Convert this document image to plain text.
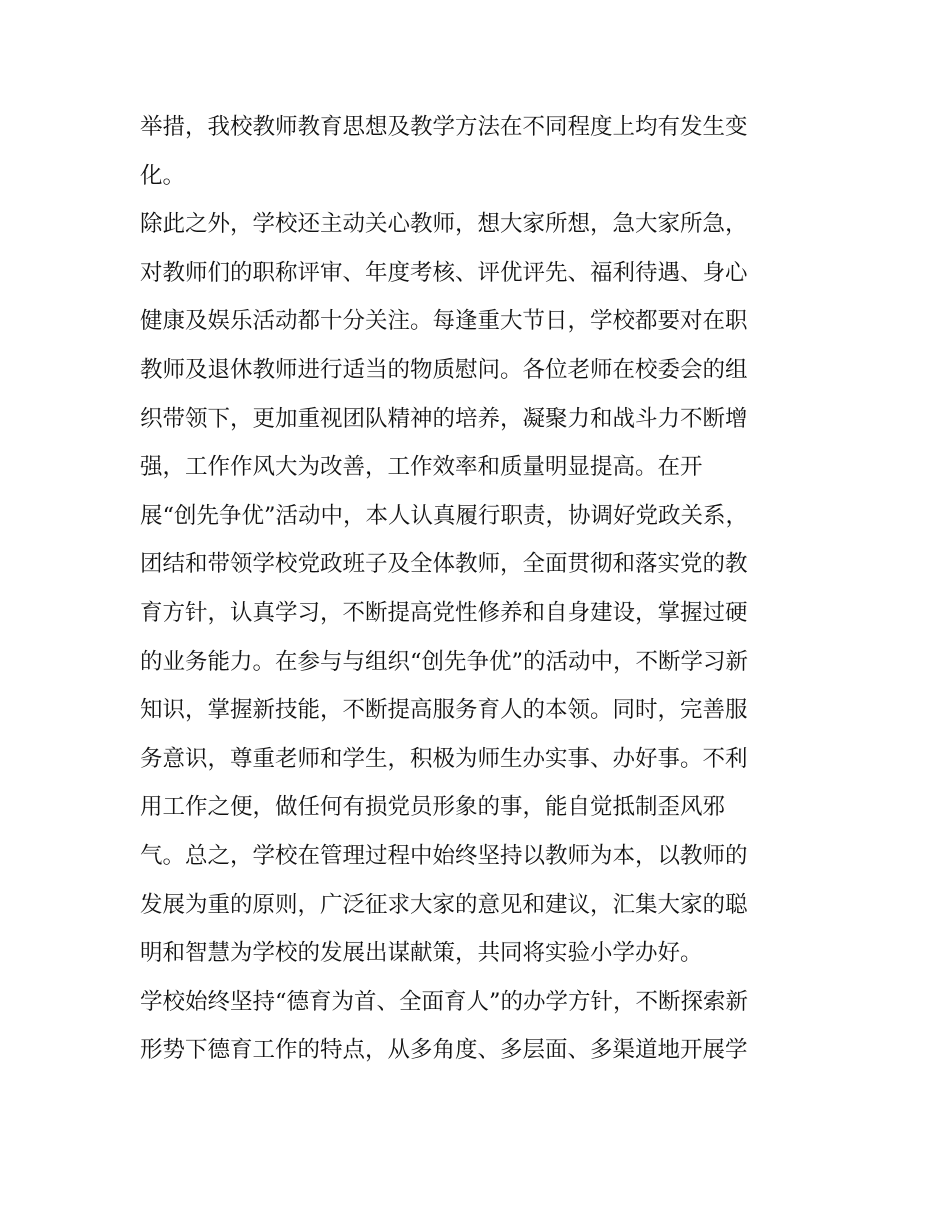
举措，我校教师教育思想及教学方法在不同程度上均有发生变
化。
除此之外，学校还主动关心教师，想大家所想，急大家所急，
对教师们的职称评审、年度考核、评优评先、福利待遇、身心
健康及娱乐活动都十分关注。每逢重大节日，学校都要对在职
教师及退休教师进行适当的物质慰问。各位老师在校委会的组
织带领下，更加重视团队精神的培养，凝聚力和战斗力不断增
强，工作作风大为改善，工作效率和质量明显提高。在开
展“创先争优”活动中，本人认真履行职责，协调好党政关系，
团结和带领学校党政班子及全体教师，全面贯彻和落实党的教
育方针，认真学习，不断提高党性修养和自身建设，掌握过硬
的业务能力。在参与与组织“创先争优”的活动中，不断学习新
知识，掌握新技能，不断提高服务育人的本领。同时，完善服
务意识，尊重老师和学生，积极为师生办实事、办好事。不利
用工作之便，做任何有损党员形象的事，能自觉抵制歪风邪
气。总之，学校在管理过程中始终坚持以教师为本，以教师的
发展为重的原则，广泛征求大家的意见和建议，汇集大家的聪
明和智慧为学校的发展出谋献策，共同将实验小学办好。
学校始终坚持“德育为首、全面育人”的办学方针，不断探索新
形势下德育工作的特点，从多角度、多层面、多渠道地开展学
